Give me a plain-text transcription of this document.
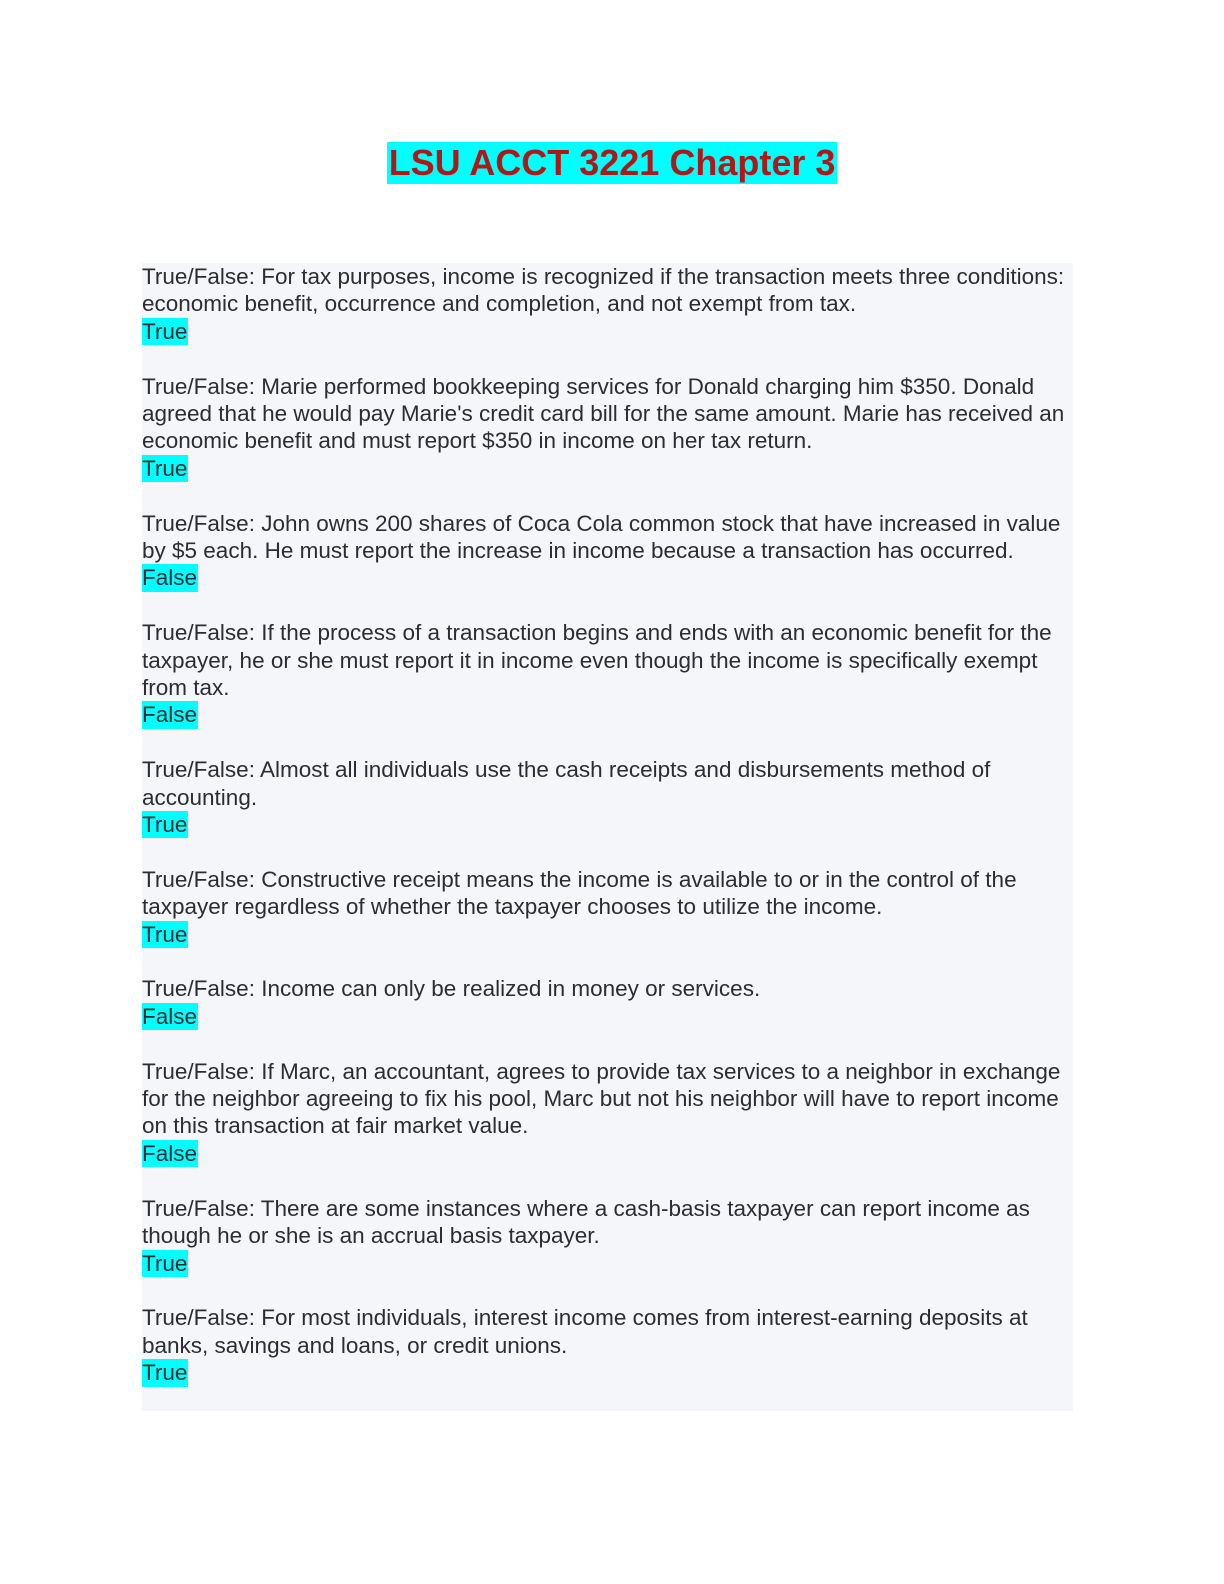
LSU ACCT 3221 Chapter 3
True/False: For tax purposes, income is recognized if the transaction meets three conditions: economic benefit, occurrence and completion, and not exempt from tax.
True
True/False: Marie performed bookkeeping services for Donald charging him $350. Donald agreed that he would pay Marie's credit card bill for the same amount. Marie has received an economic benefit and must report $350 in income on her tax return.
True
True/False: John owns 200 shares of Coca Cola common stock that have increased in value by $5 each. He must report the increase in income because a transaction has occurred.
False
True/False: If the process of a transaction begins and ends with an economic benefit for the taxpayer, he or she must report it in income even though the income is specifically exempt from tax.
False
True/False: Almost all individuals use the cash receipts and disbursements method of accounting.
True
True/False: Constructive receipt means the income is available to or in the control of the taxpayer regardless of whether the taxpayer chooses to utilize the income.
True
True/False: Income can only be realized in money or services.
False
True/False: If Marc, an accountant, agrees to provide tax services to a neighbor in exchange for the neighbor agreeing to fix his pool, Marc but not his neighbor will have to report income on this transaction at fair market value.
False
True/False: There are some instances where a cash-basis taxpayer can report income as though he or she is an accrual basis taxpayer.
True
True/False: For most individuals, interest income comes from interest-earning deposits at banks, savings and loans, or credit unions.
True
